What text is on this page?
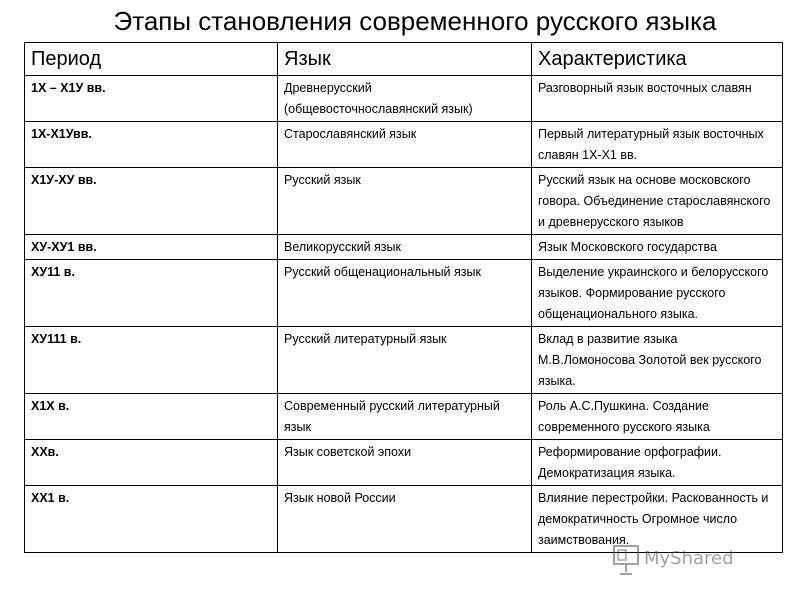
Этапы становления современного русского языка
Период	Язык	Характеристика
1X – X1У вв.	Древнерусский (общевосточнославянский язык)	Разговорный язык восточных славян
1X-X1Увв.	Старославянский язык	Первый литературный язык восточных славян 1X-X1 вв.
X1У-XУ вв.	Русский язык	Русский язык на основе московского говора. Объединение старославянского и древнерусского языков
XУ-XУ1 вв.	Великорусский язык	Язык Московского государства
XУ11 в.	Русский общенациональный язык	Выделение украинского и белорусского языков. Формирование русского общенационального языка.
XУ111 в.	Русский литературный язык	Вклад в развитие языка М.В.Ломоносова Золотой век русского языка.
X1X в.	Современный русский литературный язык	Роль А.С.Пушкина. Создание современного русского языка
XXв.	Язык советской эпохи	Реформирование орфографии. Демократизация языка.
XX1 в.	Язык новой России	Влияние перестройки. Раскованность и демократичность Огромное число заимствования.
MyShared
